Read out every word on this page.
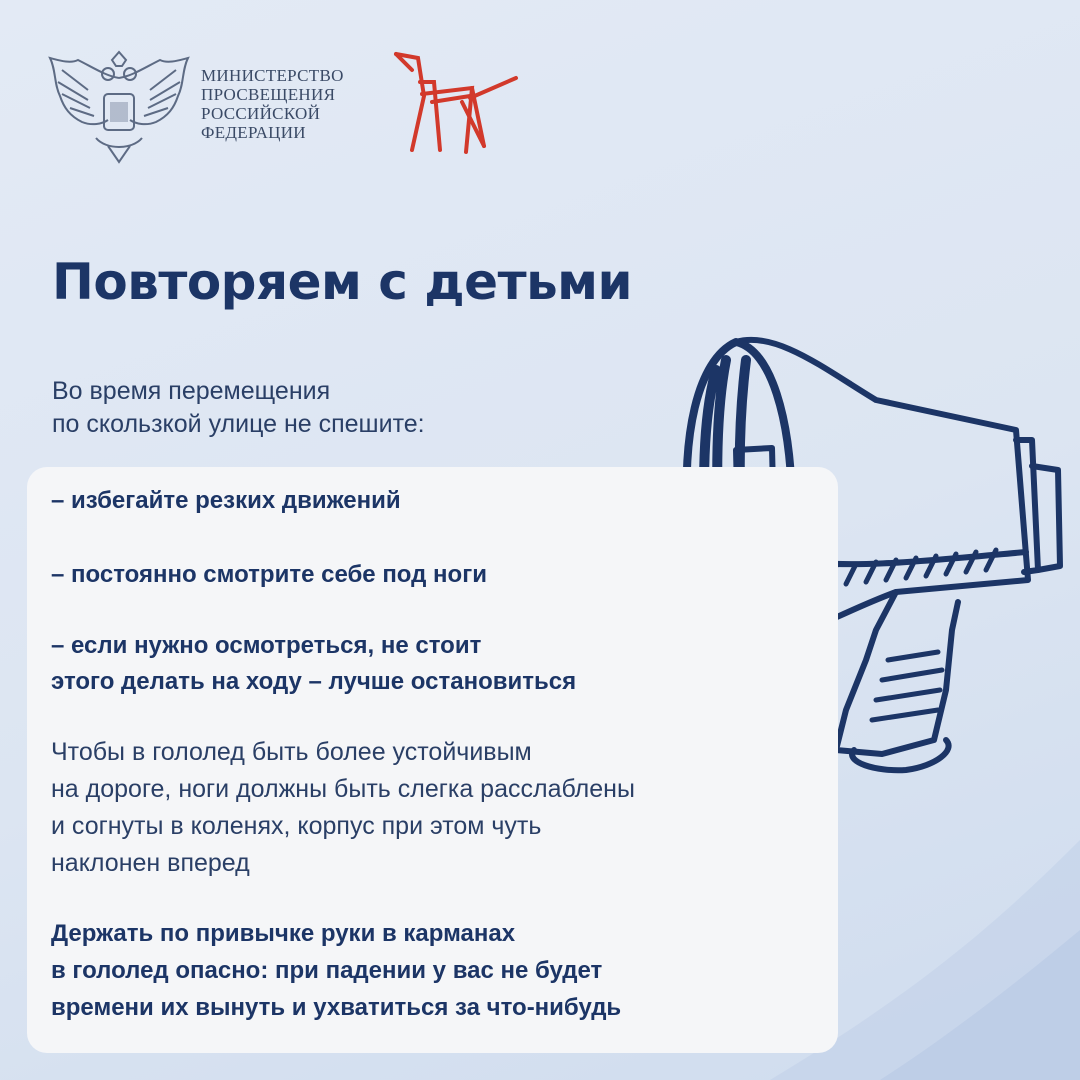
МИНИСТЕРСТВО
ПРОСВЕЩЕНИЯ
РОССИЙСКОЙ
ФЕДЕРАЦИИ
Повторяем с детьми
Во время перемещения
по скользкой улице не спешите:
– избегайте резких движений
– постоянно смотрите себе под ноги
– если нужно осмотреться, не стоит
этого делать на ходу – лучше остановиться
Чтобы в гололед быть более устойчивым
на дороге, ноги должны быть слегка расслаблены
и согнуты в коленях, корпус при этом чуть
наклонен вперед
Держать по привычке руки в карманах
в гололед опасно: при падении у вас не будет
времени их вынуть и ухватиться за что-нибудь
